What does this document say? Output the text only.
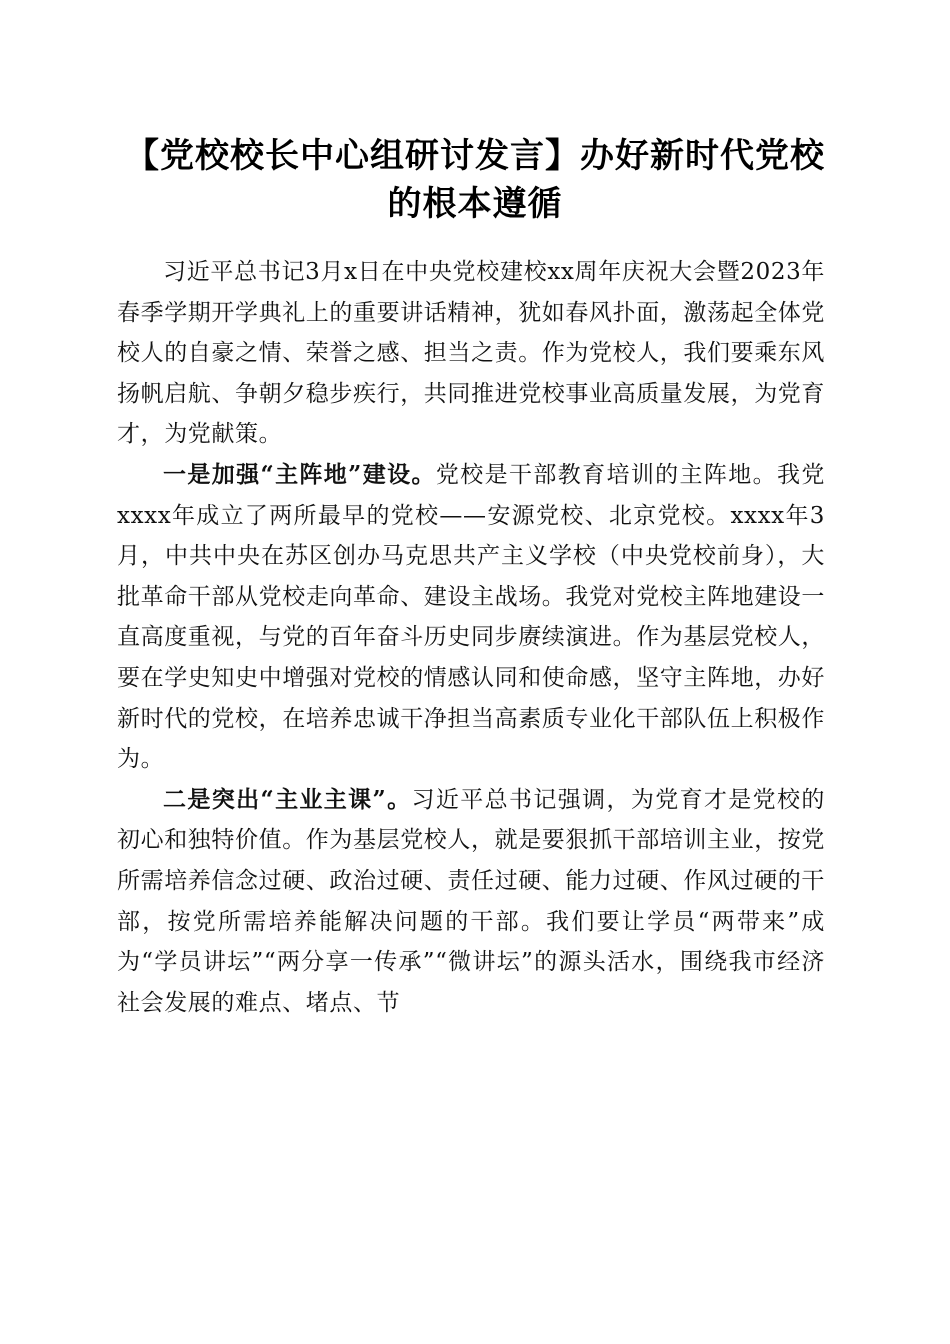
【党校校长中心组研讨发言】办好新时代党校
的根本遵循

习近平总书记3月x日在中央党校建校xx周年庆祝大会暨2023年春季学期开学典礼上的重要讲话精神，犹如春风扑面，激荡起全体党校人的自豪之情、荣誉之感、担当之责。作为党校人，我们要乘东风扬帆启航、争朝夕稳步疾行，共同推进党校事业高质量发展，为党育才，为党献策。

一是加强“主阵地”建设。党校是干部教育培训的主阵地。我党xxxx年成立了两所最早的党校——安源党校、北京党校。xxxx年3月，中共中央在苏区创办马克思共产主义学校（中央党校前身），大批革命干部从党校走向革命、建设主战场。我党对党校主阵地建设一直高度重视，与党的百年奋斗历史同步赓续演进。作为基层党校人，要在学史知史中增强对党校的情感认同和使命感，坚守主阵地，办好新时代的党校，在培养忠诚干净担当高素质专业化干部队伍上积极作为。

二是突出“主业主课”。习近平总书记强调，为党育才是党校的初心和独特价值。作为基层党校人，就是要狠抓干部培训主业，按党所需培养信念过硬、政治过硬、责任过硬、能力过硬、作风过硬的干部，按党所需培养能解决问题的干部。我们要让学员“两带来”成为“学员讲坛”“两分享一传承”“微讲坛”的源头活水，围绕我市经济社会发展的难点、堵点、节
